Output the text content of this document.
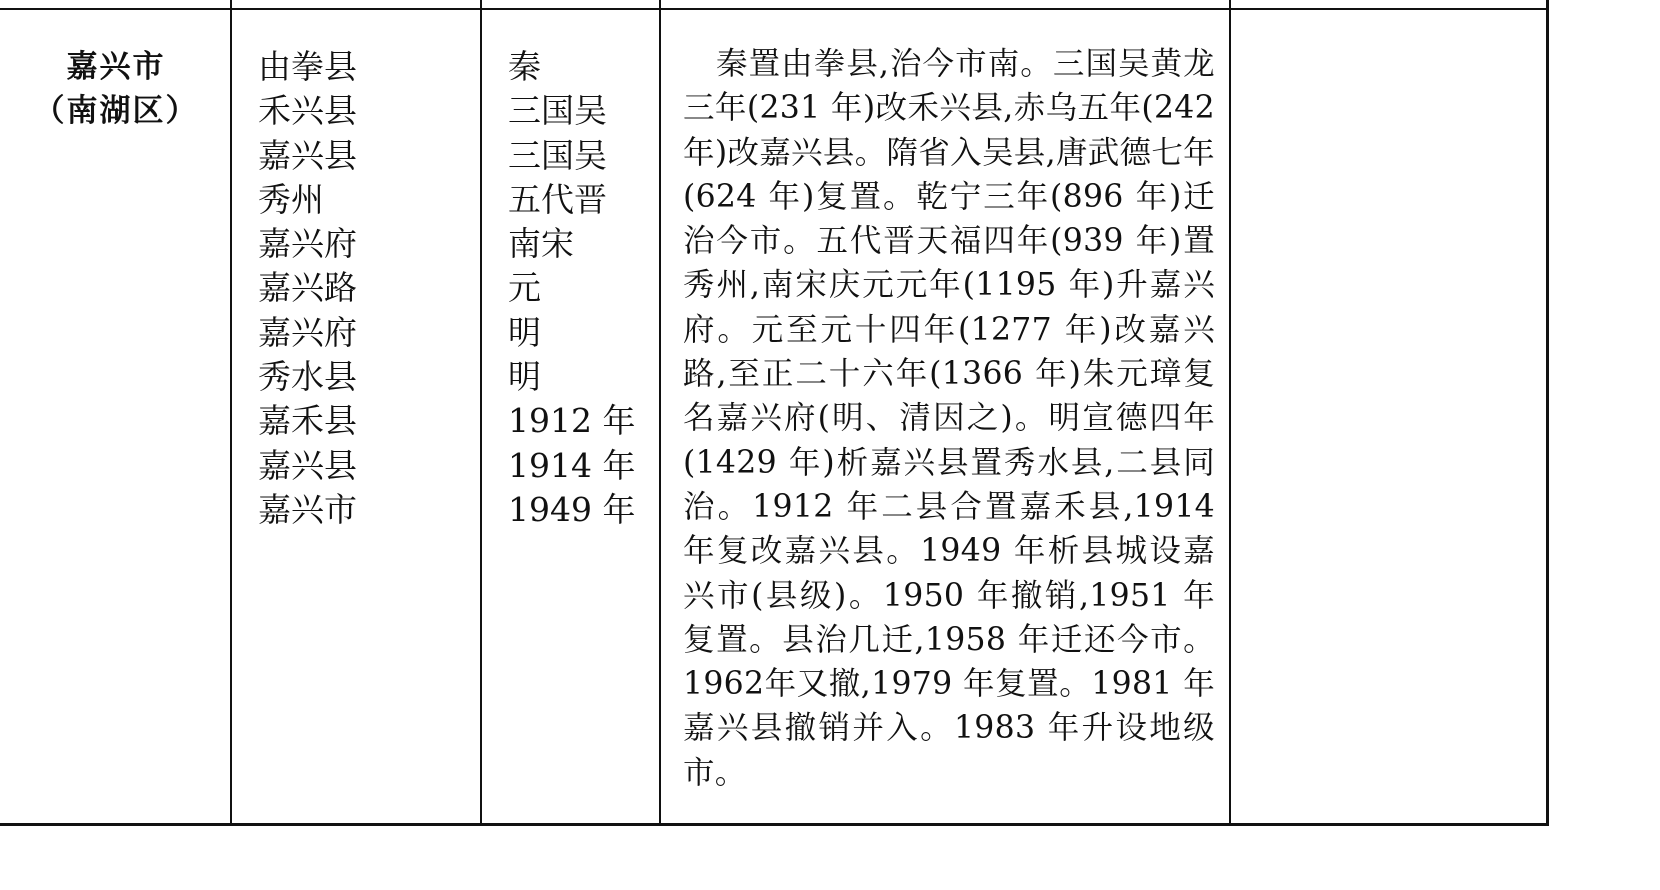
嘉兴市
（南湖区）
由拳县
禾兴县
嘉兴县
秀州
嘉兴府
嘉兴路
嘉兴府
秀水县
嘉禾县
嘉兴县
嘉兴市
秦
三国吴
三国吴
五代晋
南宋
元
明
明
1912 年
1914 年
1949 年
秦置由拳县,治今市南。三国吴黄龙三年(231 年)改禾兴县,赤乌五年(242 年)改嘉兴县。隋省入吴县,唐武德七年(624 年)复置。乾宁三年(896 年)迁治今市。五代晋天福四年(939 年)置秀州,南宋庆元元年(1195 年)升嘉兴府。元至元十四年(1277 年)改嘉兴路,至正二十六年(1366 年)朱元璋复名嘉兴府(明、清因之)。明宣德四年(1429 年)析嘉兴县置秀水县,二县同治。1912 年二县合置嘉禾县,1914 年复改嘉兴县。1949 年析县城设嘉兴市(县级)。1950 年撤销,1951 年复置。县治几迁,1958 年迁还今市。1962年又撤,1979 年复置。1981 年嘉兴县撤销并入。1983 年升设地级市。
